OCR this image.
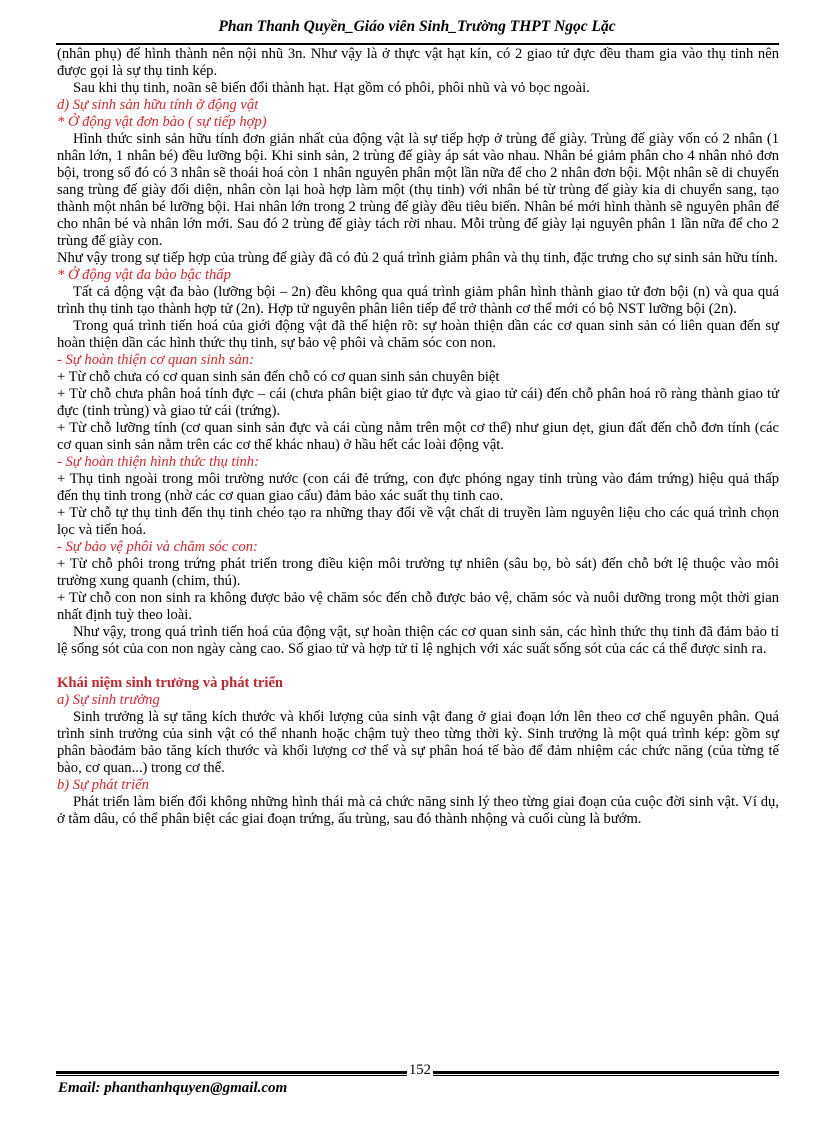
Phan Thanh Quyền_Giáo viên Sinh_Trường THPT Ngọc Lặc

(nhân phụ) để hình thành nên nội nhũ 3n. Như vậy là ở thực vật hạt kín, có 2 giao tử đực đều tham gia vào thụ tinh nên được gọi là sự thụ tinh kép.

Sau khi thụ tinh, noãn sẽ biến đổi thành hạt. Hạt gồm có phôi, phôi nhũ và vỏ bọc ngoài.

d) Sự sinh sản hữu tính ở động vật

* Ở động vật đơn bào ( sự tiếp hợp)

Hình thức sinh sản hữu tính đơn giản nhất của động vật là sự tiếp hợp ở trùng đế giày. Trùng đế giày vốn có 2 nhân (1 nhân lớn, 1 nhân bé) đều lưỡng bội. Khi sinh sản, 2 trùng đế giày áp sát vào nhau. Nhân bé giảm phân cho 4 nhân nhỏ đơn bội, trong số đó có 3 nhân sẽ thoái hoá còn 1 nhân nguyên phân một lần nữa để cho 2 nhân đơn bội. Một nhân sẽ di chuyển sang trùng đế giày đối diện, nhân còn lại hoà hợp làm một (thụ tinh) với nhân bé từ trùng đế giày kia di chuyển sang, tạo thành một nhân bé lưỡng bội. Hai nhân lớn trong 2 trùng đế giày đều tiêu biến. Nhân bé mới hình thành sẽ nguyên phân để cho nhân bé và nhân lớn mới. Sau đó 2 trùng đế giày tách rời nhau. Mỗi trùng đế giày lại nguyên phân 1 lần nữa để cho 2 trùng đế giày con.

Như vậy trong sự tiếp hợp của trùng đế giày đã có đủ 2 quá trình giảm phân và thụ tinh, đặc trưng cho sự sinh sản hữu tính.

* Ở động vật đa bào bậc thấp

Tất cả động vật đa bào (lưỡng bội – 2n) đều không qua quá trình giảm phân hình thành giao tử đơn bội (n) và qua quá trình thụ tinh tạo thành hợp tử (2n). Hợp tử nguyên phân liên tiếp để trở thành cơ thể mới có bộ NST lưỡng bội (2n).

Trong quá trình tiến hoá của giới động vật đã thể hiện rõ: sự hoàn thiện dần các cơ quan sinh sản có liên quan đến sự hoàn thiện dần các hình thức thụ tinh, sự bảo vệ phôi và chăm sóc con non.

- Sự hoàn thiện cơ quan sinh sản:

+ Từ chỗ chưa có cơ quan sinh sản đến chỗ có cơ quan sinh sản chuyên biệt

+ Từ chỗ chưa phân hoá tính đực – cái (chưa phân biệt giao tử đực và giao tử cái) đến chỗ phân hoá rõ ràng thành giao tử đực (tinh trùng) và giao tử cái (trứng).

+ Từ chỗ lưỡng tính (cơ quan sinh sản đực và cái cùng nằm trên một cơ thể) như giun dẹt, giun đất đến chỗ đơn tính (các cơ quan sinh sản nằm trên các cơ thể khác nhau) ở hầu hết các loài động vật.

- Sự hoàn thiện hình thức thụ tinh:

+ Thụ tinh ngoài trong môi trường nước (con cái đẻ trứng, con đực phóng ngay tinh trùng vào đám trứng) hiệu quả thấp đến thụ tinh trong (nhờ các cơ quan giao cấu) đảm bảo xác suất thụ tinh cao.

+ Từ chỗ tự thụ tinh đến thụ tinh chéo tạo ra những thay đổi về vật chất di truyền làm nguyên liệu cho các quá trình chọn lọc và tiến hoá.

- Sự bảo vệ phôi và chăm sóc con:

+ Từ chỗ phôi trong trứng phát triển trong điều kiện môi trường tự nhiên (sâu bọ, bò sát) đến chỗ bớt lệ thuộc vào môi trường xung quanh (chim, thú).

+ Từ chỗ con non sinh ra không được bảo vệ chăm sóc đến chỗ được bảo vệ, chăm sóc và nuôi dưỡng trong một thời gian nhất định tuỳ theo loài.

Như vậy, trong quá trình tiến hoá của động vật, sự hoàn thiện các cơ quan sinh sản, các hình thức thụ tinh đã đảm bảo tỉ lệ sống sót của con non ngày càng cao. Số giao tử và hợp tử tỉ lệ nghịch với xác suất sống sót của các cá thể được sinh ra.

Khái niệm sinh trưởng và phát triển

a) Sự sinh trưởng

Sinh trưởng là sự tăng kích thước và khối lượng của sinh vật đang ở giai đoạn lớn lên theo cơ chế nguyên phân. Quá trình sinh trưởng của sinh vật có thể nhanh hoặc chậm tuỳ theo từng thời kỳ. Sinh trưởng là một quá trình kép: gồm sự phân bàođảm bảo tăng kích thước và khối lượng cơ thể và sự phân hoá tế bào để đảm nhiệm các chức năng (của từng tế bào, cơ quan...) trong cơ thể.

b) Sự phát triển

Phát triển làm biến đổi không những hình thái mà cả chức năng sinh lý theo từng giai đoạn của cuộc đời sinh vật. Ví dụ, ở tằm dâu, có thể phân biệt các giai đoạn trứng, ấu trùng, sau đó thành nhộng và cuối cùng là bướm.

152
Email: phanthanhquyen@gmail.com
